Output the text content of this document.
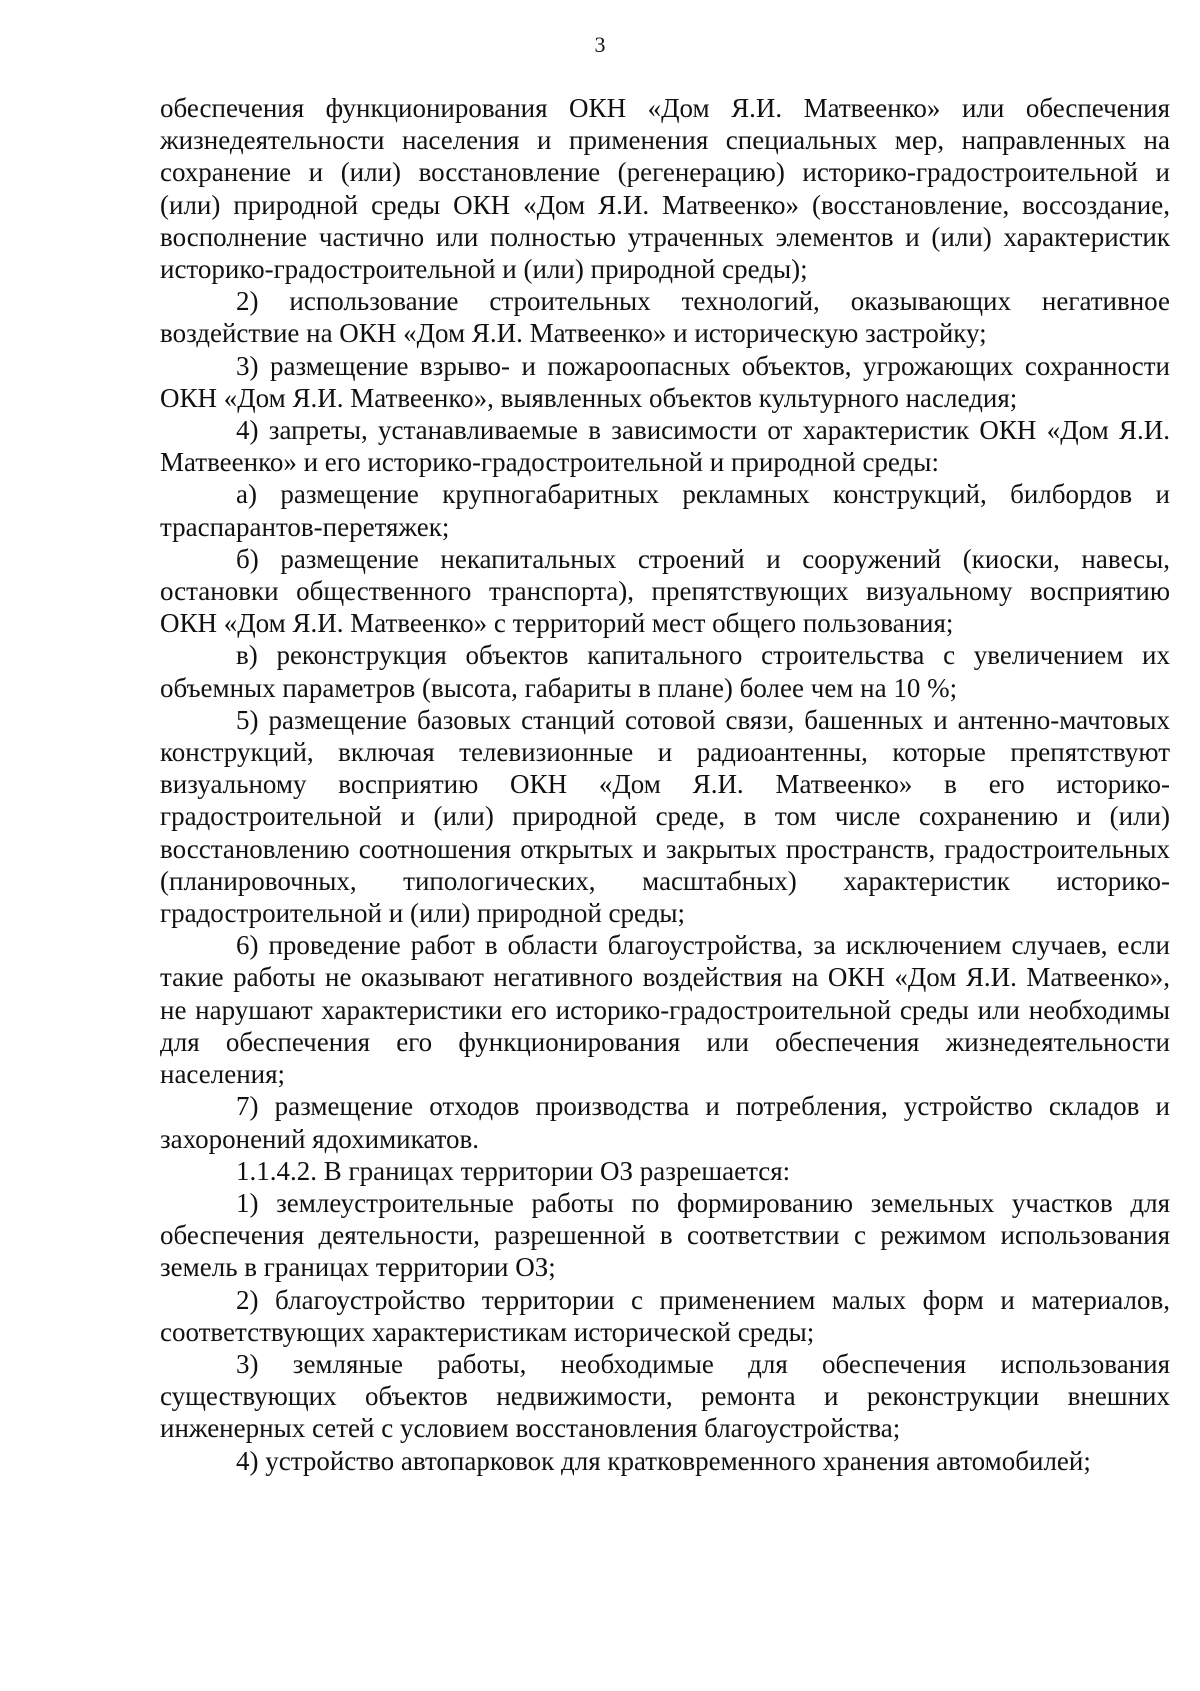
3

обеспечения функционирования ОКН «Дом Я.И. Матвеенко» или обеспечения жизнедеятельности населения и применения специальных мер, направленных на сохранение и (или) восстановление (регенерацию) историко-градостроительной и (или) природной среды ОКН «Дом Я.И. Матвеенко» (восстановление, воссоздание, восполнение частично или полностью утраченных элементов и (или) характеристик историко-градостроительной и (или) природной среды);

2) использование строительных технологий, оказывающих негативное воздействие на ОКН «Дом Я.И. Матвеенко» и историческую застройку;

3) размещение взрыво- и пожароопасных объектов, угрожающих сохранности ОКН «Дом Я.И. Матвеенко», выявленных объектов культурного наследия;

4) запреты, устанавливаемые в зависимости от характеристик ОКН «Дом Я.И. Матвеенко» и его историко-градостроительной и природной среды:

а) размещение крупногабаритных рекламных конструкций, билбордов и траспарантов-перетяжек;

б) размещение некапитальных строений и сооружений (киоски, навесы, остановки общественного транспорта), препятствующих визуальному восприятию ОКН «Дом Я.И. Матвеенко» с территорий мест общего пользования;

в) реконструкция объектов капитального строительства с увеличением их объемных параметров (высота, габариты в плане) более чем на 10 %;

5) размещение базовых станций сотовой связи, башенных и антенно-мачтовых конструкций, включая телевизионные и радиоантенны, которые препятствуют визуальному восприятию ОКН «Дом Я.И. Матвеенко» в его историко-градостроительной и (или) природной среде, в том числе сохранению и (или) восстановлению соотношения открытых и закрытых пространств, градостроительных (планировочных, типологических, масштабных) характеристик историко-градостроительной и (или) природной среды;

6) проведение работ в области благоустройства, за исключением случаев, если такие работы не оказывают негативного воздействия на ОКН «Дом Я.И. Матвеенко», не нарушают характеристики его историко-градостроительной среды или необходимы для обеспечения его функционирования или обеспечения жизнедеятельности населения;

7) размещение отходов производства и потребления, устройство складов и захоронений ядохимикатов.

1.1.4.2. В границах территории ОЗ разрешается:

1) землеустроительные работы по формированию земельных участков для обеспечения деятельности, разрешенной в соответствии с режимом использования земель в границах территории ОЗ;

2) благоустройство территории с применением малых форм и материалов, соответствующих характеристикам исторической среды;

3) земляные работы, необходимые для обеспечения использования существующих объектов недвижимости, ремонта и реконструкции внешних инженерных сетей с условием восстановления благоустройства;

4) устройство автопарковок для кратковременного хранения автомобилей;
